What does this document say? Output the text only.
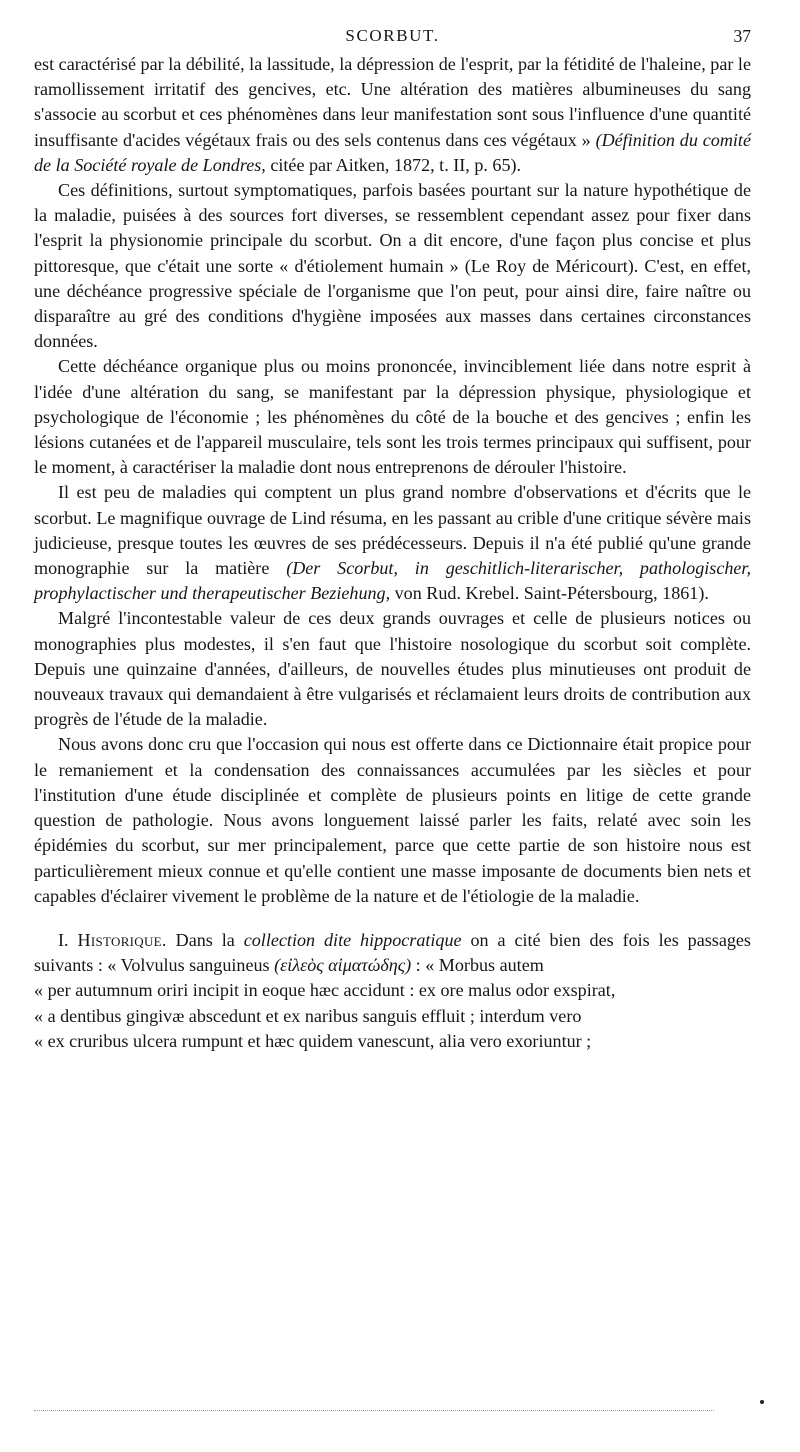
SCORBUT.	37

est caractérisé par la débilité, la lassitude, la dépression de l'esprit, par la fétidité de l'haleine, par le ramollissement irritatif des gencives, etc. Une altération des matières albumineuses du sang s'associe au scorbut et ces phénomènes dans leur manifestation sont sous l'influence d'une quantité insuffisante d'acides végétaux frais ou des sels contenus dans ces végétaux » (Définition du comité de la Société royale de Londres, citée par Aitken, 1872, t. II, p. 65).

Ces définitions, surtout symptomatiques, parfois basées pourtant sur la nature hypothétique de la maladie, puisées à des sources fort diverses, se ressemblent cependant assez pour fixer dans l'esprit la physionomie principale du scorbut. On a dit encore, d'une façon plus concise et plus pittoresque, que c'était une sorte « d'étiolement humain » (Le Roy de Méricourt). C'est, en effet, une déchéance progressive spéciale de l'organisme que l'on peut, pour ainsi dire, faire naître ou disparaître au gré des conditions d'hygiène imposées aux masses dans certaines circonstances données.

Cette déchéance organique plus ou moins prononcée, invinciblement liée dans notre esprit à l'idée d'une altération du sang, se manifestant par la dépression physique, physiologique et psychologique de l'économie ; les phénomènes du côté de la bouche et des gencives ; enfin les lésions cutanées et de l'appareil musculaire, tels sont les trois termes principaux qui suffisent, pour le moment, à caractériser la maladie dont nous entreprenons de dérouler l'histoire.

Il est peu de maladies qui comptent un plus grand nombre d'observations et d'écrits que le scorbut. Le magnifique ouvrage de Lind résuma, en les passant au crible d'une critique sévère mais judicieuse, presque toutes les œuvres de ses prédécesseurs. Depuis il n'a été publié qu'une grande monographie sur la matière (Der Scorbut, in geschitlich-literarischer, pathologischer, prophylactischer und therapeutischer Beziehung, von Rud. Krebel. Saint-Pétersbourg, 1861).

Malgré l'incontestable valeur de ces deux grands ouvrages et celle de plusieurs notices ou monographies plus modestes, il s'en faut que l'histoire nosologique du scorbut soit complète. Depuis une quinzaine d'années, d'ailleurs, de nouvelles études plus minutieuses ont produit de nouveaux travaux qui demandaient à être vulgarisés et réclamaient leurs droits de contribution aux progrès de l'étude de la maladie.

Nous avons donc cru que l'occasion qui nous est offerte dans ce Dictionnaire était propice pour le remaniement et la condensation des connaissances accumulées par les siècles et pour l'institution d'une étude disciplinée et complète de plusieurs points en litige de cette grande question de pathologie. Nous avons longuement laissé parler les faits, relaté avec soin les épidémies du scorbut, sur mer principalement, parce que cette partie de son histoire nous est particulièrement mieux connue et qu'elle contient une masse imposante de documents bien nets et capables d'éclairer vivement le problème de la nature et de l'étiologie de la maladie.

I. Historique. Dans la collection dite hippocratique on a cité bien des fois les passages suivants : « Volvulus sanguineus (εἰλεὸς αἱματώδης) : « Morbus autem

« per autumnum oriri incipit in eoque hæc accidunt : ex ore malus odor exspirat,

« a dentibus gingivæ abscedunt et ex naribus sanguis effluit ; interdum vero

« ex cruribus ulcera rumpunt et hæc quidem vanescunt, alia vero exoriuntur ;
